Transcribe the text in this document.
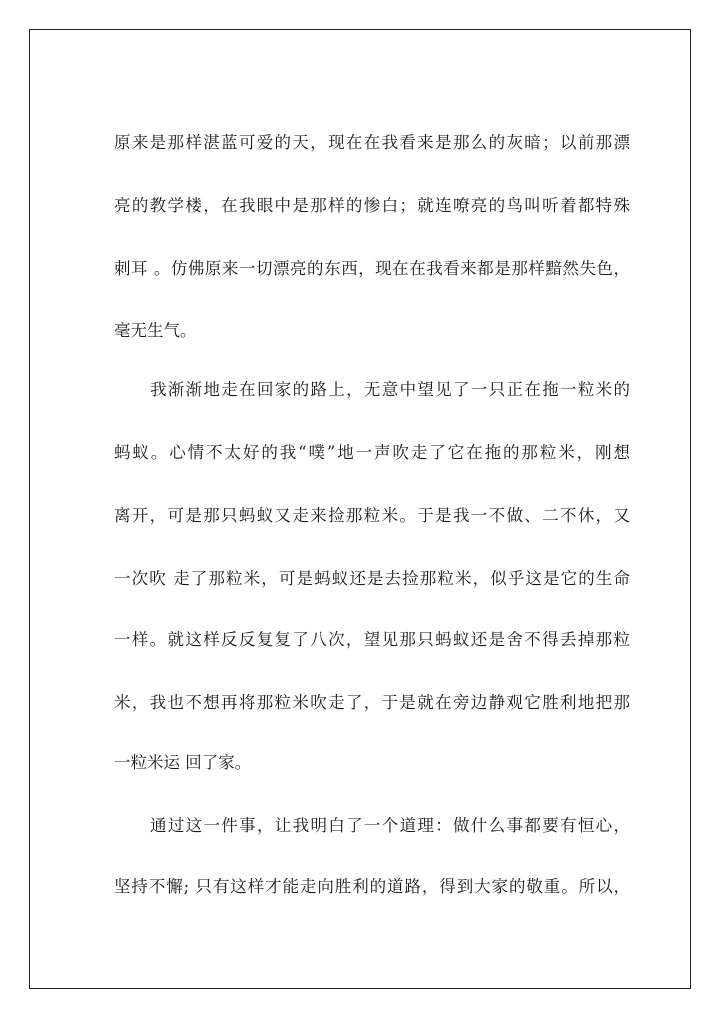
原来是那样湛蓝可爱的天，现在在我看来是那么的灰暗；以前那漂
亮的教学楼，在我眼中是那样的惨白；就连嘹亮的鸟叫听着都特殊
刺耳 。仿佛原来一切漂亮的东西，现在在我看来都是那样黯然失色，
毫无生气。
我渐渐地走在回家的路上，无意中望见了一只正在拖一粒米的
蚂蚁。心情不太好的我“噗”地一声吹走了它在拖的那粒米，刚想
离开，可是那只蚂蚁又走来捡那粒米。于是我一不做、二不休，又
一次吹 走了那粒米，可是蚂蚁还是去捡那粒米，似乎这是它的生命
一样。就这样反反复复了八次，望见那只蚂蚁还是舍不得丢掉那粒
米，我也不想再将那粒米吹走了，于是就在旁边静观它胜利地把那
一粒米运 回了家。
通过这一件事，让我明白了一个道理：做什么事都要有恒心，
坚持不懈; 只有这样才能走向胜利的道路，得到大家的敬重。所以，
